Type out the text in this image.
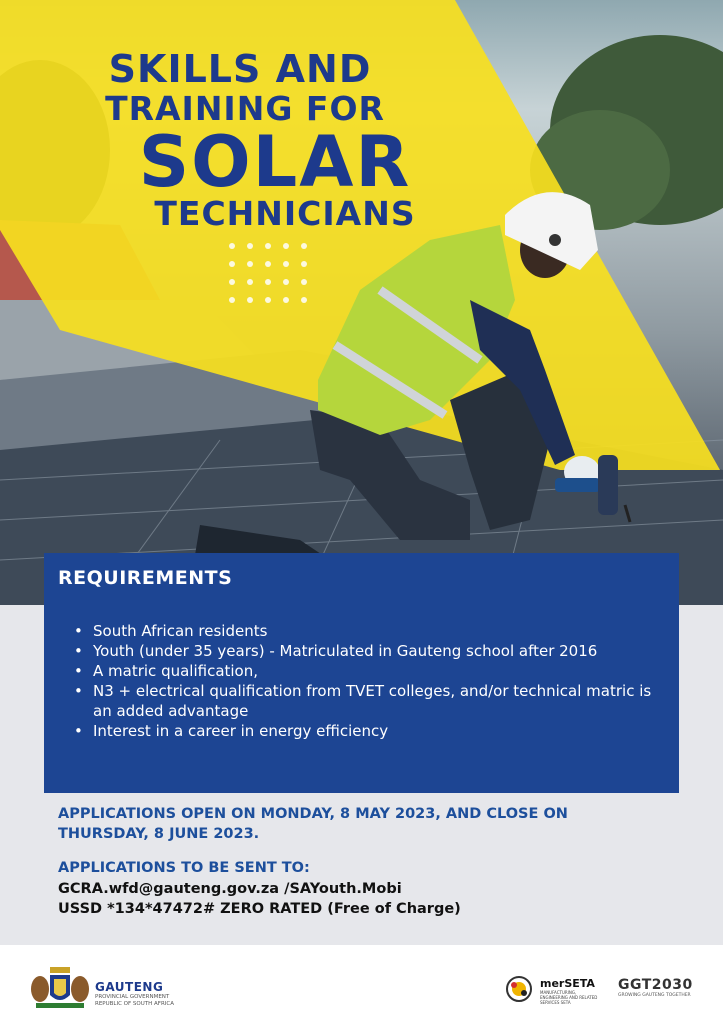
SKILLS AND
TRAINING FOR
SOLAR
TECHNICIANS
REQUIREMENTS
• South African residents
• Youth (under 35 years) - Matriculated in Gauteng school after 2016
• A matric qualification,
• N3 + electrical qualification from TVET colleges, and/or technical matric is an added advantage
• Interest in a career in energy efficiency
APPLICATIONS OPEN ON MONDAY, 8 MAY 2023, AND CLOSE ON THURSDAY, 8 JUNE 2023.
APPLICATIONS TO BE SENT TO:
GCRA.wfd@gauteng.gov.za /SAYouth.Mobi
USSD *134*47472# ZERO RATED (Free of Charge)
GAUTENG
PROVINCIAL GOVERNMENT
REPUBLIC OF SOUTH AFRICA
merSETA
MANUFACTURING, ENGINEERING AND RELATED SERVICES SETA
GGT2030
GROWING GAUTENG TOGETHER
